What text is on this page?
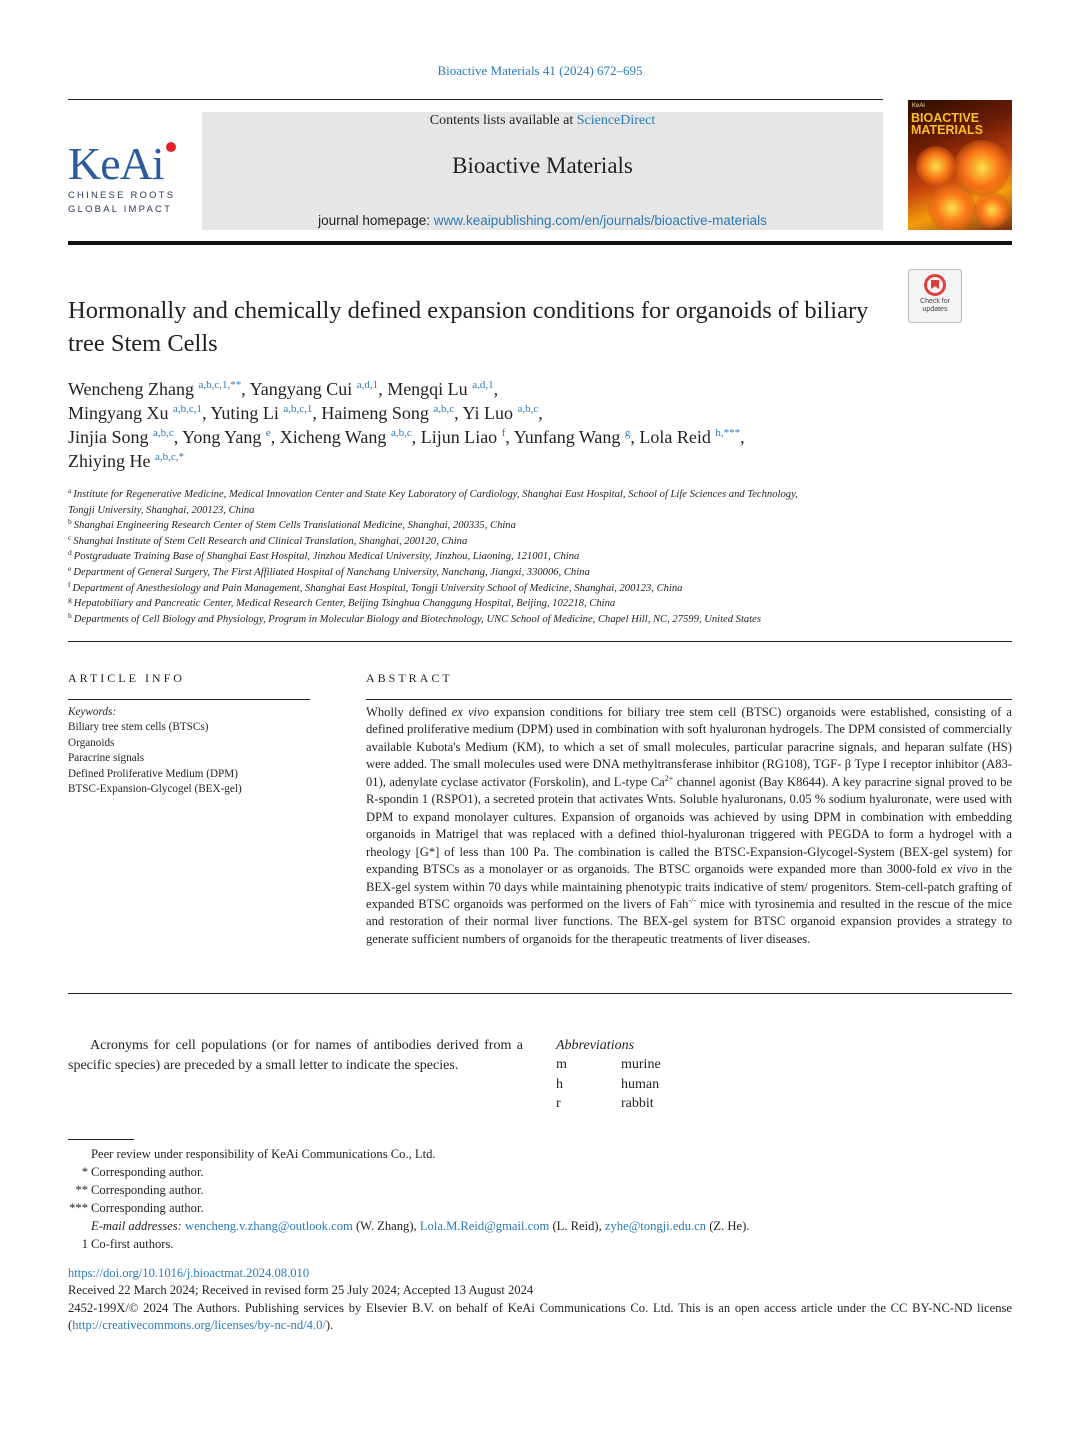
Bioactive Materials 41 (2024) 672–695
KeAi
CHINESE ROOTS
GLOBAL IMPACT
Contents lists available at ScienceDirect
Bioactive Materials
journal homepage: www.keaipublishing.com/en/journals/bioactive-materials
KeAi
BIOACTIVE
MATERIALS
Check for
updates
Hormonally and chemically defined expansion conditions for organoids of biliary tree Stem Cells
Wencheng Zhang $^{a,b,c,1,**}$, Yangyang Cui $^{a,d,1}$, Mengqi Lu $^{a,d,1}$,
Mingyang Xu $^{a,b,c,1}$, Yuting Li $^{a,b,c,1}$, Haimeng Song $^{a,b,c}$, Yi Luo $^{a,b,c}$,
Jinjia Song $^{a,b,c}$, Yong Yang $^e$, Xicheng Wang $^{a,b,c}$, Lijun Liao $^f$, Yunfang Wang $^g$, Lola Reid $^{h,***}$,
Zhiying He $^{a,b,c,*}$
$^a$ Institute for Regenerative Medicine, Medical Innovation Center and State Key Laboratory of Cardiology, Shanghai East Hospital, School of Life Sciences and Technology,
Tongji University, Shanghai, 200123, China
$^b$ Shanghai Engineering Research Center of Stem Cells Translational Medicine, Shanghai, 200335, China
$^c$ Shanghai Institute of Stem Cell Research and Clinical Translation, Shanghai, 200120, China
$^d$ Postgraduate Training Base of Shanghai East Hospital, Jinzhou Medical University, Jinzhou, Liaoning, 121001, China
$^e$ Department of General Surgery, The First Affiliated Hospital of Nanchang University, Nanchang, Jiangxi, 330006, China
$^f$ Department of Anesthesiology and Pain Management, Shanghai East Hospital, Tongji University School of Medicine, Shanghai, 200123, China
$^g$ Hepatobiliary and Pancreatic Center, Medical Research Center, Beijing Tsinghua Changgung Hospital, Beijing, 102218, China
$^h$ Departments of Cell Biology and Physiology, Program in Molecular Biology and Biotechnology, UNC School of Medicine, Chapel Hill, NC, 27599, United States
ARTICLE INFO	ABSTRACT
Keywords:
Biliary tree stem cells (BTSCs)
Organoids
Paracrine signals
Defined Proliferative Medium (DPM)
BTSC-Expansion-Glycogel (BEX-gel)
Wholly defined ex vivo expansion conditions for biliary tree stem cell (BTSC) organoids were established, consisting of a defined proliferative medium (DPM) used in combination with soft hyaluronan hydrogels. The DPM consisted of commercially available Kubota's Medium (KM), to which a set of small molecules, particular paracrine signals, and heparan sulfate (HS) were added. The small molecules used were DNA methyltransferase inhibitor (RG108), TGF- β Type I receptor inhibitor (A83-01), adenylate cyclase activator (Forskolin), and L-type $Ca^{2+}$ channel agonist (Bay K8644). A key paracrine signal proved to be R-spondin 1 (RSPO1), a secreted protein that activates Wnts. Soluble hyaluronans, 0.05 % sodium hyaluronate, were used with DPM to expand monolayer cultures. Expansion of organoids was achieved by using DPM in combination with embedding organoids in Matrigel that was replaced with a defined thiol-hyaluronan triggered with PEGDA to form a hydrogel with a rheology [G*] of less than 100 Pa. The combination is called the BTSC-Expansion-Glycogel-System (BEX-gel system) for expanding BTSCs as a monolayer or as organoids. The BTSC organoids were expanded more than 3000-fold ex vivo in the BEX-gel system within 70 days while maintaining phenotypic traits indicative of stem/ progenitors. Stem-cell-patch grafting of expanded BTSC organoids was performed on the livers of Fah-/- mice with tyrosinemia and resulted in the rescue of the mice and restoration of their normal liver functions. The BEX-gel system for BTSC organoid expansion provides a strategy to generate sufficient numbers of organoids for the therapeutic treatments of liver diseases.
Acronyms for cell populations (or for names of antibodies derived from a specific species) are preceded by a small letter to indicate the species.
Abbreviations
m	murine
h	human
r	rabbit
Peer review under responsibility of KeAi Communications Co., Ltd.
* Corresponding author.
** Corresponding author.
*** Corresponding author.
E-mail addresses: wencheng.v.zhang@outlook.com (W. Zhang), Lola.M.Reid@gmail.com (L. Reid), zyhe@tongji.edu.cn (Z. He).
1 Co-first authors.
https://doi.org/10.1016/j.bioactmat.2024.08.010
Received 22 March 2024; Received in revised form 25 July 2024; Accepted 13 August 2024
2452-199X/© 2024 The Authors. Publishing services by Elsevier B.V. on behalf of KeAi Communications Co. Ltd. This is an open access article under the CC BY-NC-ND license (http://creativecommons.org/licenses/by-nc-nd/4.0/).
